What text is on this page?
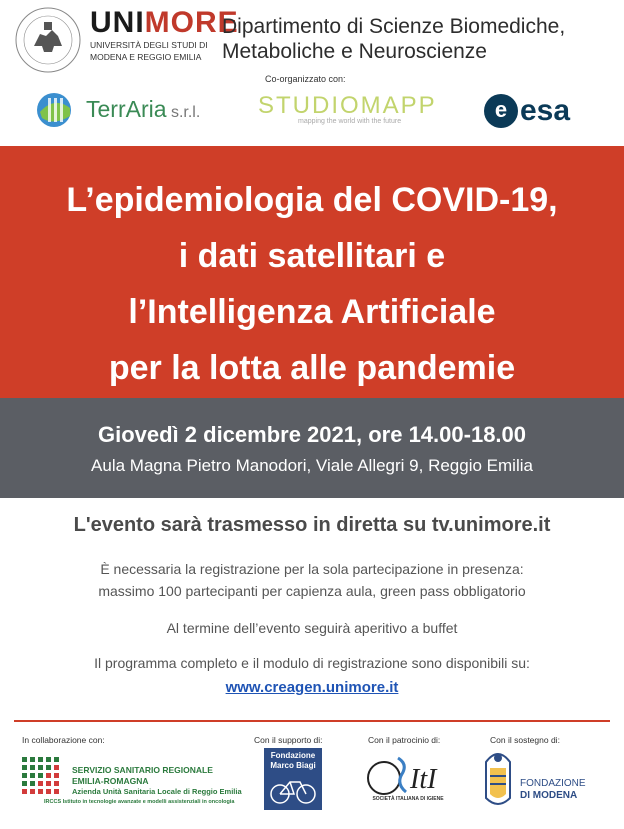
UNIMORE
UNIVERSITÀ DEGLI STUDI DI
MODENA E REGGIO EMILIA
Dipartimento di Scienze Biomediche,
Metaboliche e Neuroscienze
Co-organizzato con:
TerrAria s.r.l. STUDIOMAPP
mapping the world with the future	e esa
L’epidemiologia del COVID-19,
i dati satellitari e
l’Intelligenza Artificiale
per la lotta alle pandemie
Giovedì 2 dicembre 2021, ore 14.00-18.00
Aula Magna Pietro Manodori, Viale Allegri 9, Reggio Emilia
L'evento sarà trasmesso in diretta su tv.unimore.it
È necessaria la registrazione per la sola partecipazione in presenza:
massimo 100 partecipanti per capienza aula, green pass obbligatorio
Al termine dell’evento seguirà aperitivo a buffet
Il programma completo e il modulo di registrazione sono disponibili su:
www.creagen.unimore.it
In collaborazione con:	Con il supporto di:	Con il patrocinio di:	Con il sostegno di:
SERVIZIO SANITARIO REGIONALE
EMILIA-ROMAGNA
Azienda Unità Sanitaria Locale di Reggio Emilia
IRCCS Istituto in tecnologie avanzate e modelli assistenziali in oncologia
Fondazione
Marco Biagi	ItI
SOCIETÀ ITALIANA DI IGIENE
FONDAZIONE
DI MODENA
